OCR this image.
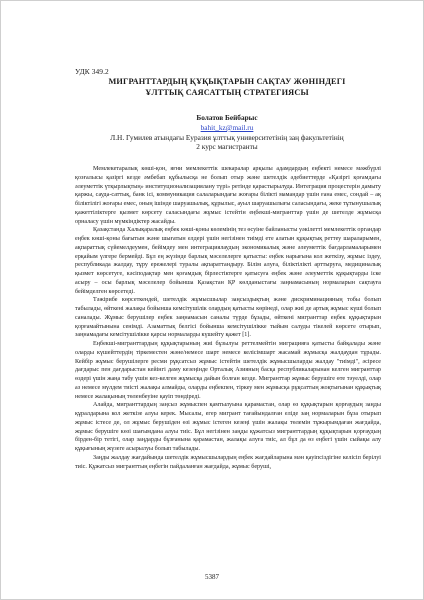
УДК 349.2
МИГРАНТТАРДЫҢ ҚҰҚЫҚТАРЫН САҚТАУ ЖӨНІНДЕГІ
ҰЛТТЫҚ САЯСАТТЫҢ СТРАТЕГИЯСЫ
Болатов Бейбарыс
bahit_kz@mail.ru
Л.Н. Гумилев атындағы Еуразия ұлттық университетінің заң факультетінің
2 курс магистранты

Мемлекетаралық көші-қон, яғни мемлекеттік шекаралар арқылы адамдардың еңбекті немесе мәжбүрлі қозғалысы қазіргі кезде әмбебап құбылысқа не болып отыр және шетелдік әдебиеттерде «Қазіргі қоғамдағы әлеуметтік үтқырлықтың» институционализациялану түрі» ретінде қарастырылуда. Интеграция процестерін дамыту қаржы, сауда-саттық, банк ісі, коммуникация салаларындағы жоғары білікті мамандар үшін ғана емес, сондай – ақ біліктілігі жоғары емес, оның ішінде шаруашылық, құрылыс, ауыл шаруашылығы саласындағы, жеке тұтынушылық қажеттіліктерге қызмет көрсету саласындағы жұмыс істейтін еңбекші-мигранттар үшін де шетелде жұмысқа орналасу үшін мүмкіндіктер жасайды.

Қазақстанда Халықаралық еңбек көші-қоны көлемінің тез өсуіне байланысты уәкілетті мемлекеттік органдар еңбек көші-қоны бағытын және шығатын елдері үшін негізінен тиімді ете алатын құқықтық реттеу шараларымен, ақпараттық сүйемелдеумен, бейімдеу мен интеграциялаудың экономикалық және әлеуметтік бағдарламаларымен ерқайым үлгере бермейді. Бұл ең жүзінде барлық мәселелерге қатысты: еңбек нарығына кол жеткізу, жұмыс іздеу, республикада жалдау, тұру ережелері туралы ақпараттандыру. Білім алуға, біліктілікті арттыруға, медициналық қызмет көрсетуге, кәсіподақтар мен қоғамдық бірлестіктерге қатысуға еңбек және әлеуметтік құқықтарды іске асыру – осы барлық мәселелер бойынша Қазақстан ҚР көлданыстағы заңнамасының нормаларын сақтауға бейімделген көрсетеді.

Тәжірибе көрсеткендей, шетелдік жұмысшылар заңсыздықтың және дискриминацияның тобы болып табылады, өйткені жалақы бойынша кемсітушілік олардың қатысты көрінеді, олар жиі де артық жұмыс күші болып саналады. Жұмыс берушілер еңбек заңнамасын саналы түрде бұзады, өйткені мигранттар еңбек құқықтарын қорғамайтынына сенімді. Азаматтық белгісі бойынша кемсітушілікке тыйым салуды тікелей көрсете отырып, заңнамадағы кемсітушілікке қарсы нормаларды күшейту қажет [1].

Еңбекші-мигранттардың құқықтарының жиі бұзылуы реттелмейтін миграцияға қатысты байқалады және оларды күшейттердің тіркеместен және/немесе шарт немесе келісімшарт жасамай жұмысқа жалдаудан тұрады. Кейбір жұмыс берушілерге ресми рұқсатсыз жұмыс істейтін шетелдік жұмысшыларды жалдау "тиімді", әсіресе дағдарыс пен дағдарыстан кейінгі даму кезеңінде Орталық Азияның басқа республикаларынан келген мигранттар өздері үшін жаңа табу үшін кез-келген жұмысқа дайын болған кезде. Мигранттар жұмыс берушіге өте тәуелді, олар аз немесе мүлдем тиісті жалақы алмайды, оларды еңбекпен, тіркеу мен жұмысқа рұқсаттың жоқтығынан құқықтық немесе жалақының төленбеуіне қауіп төндіреді.

Алайда, мигранттардың заңсыз жұмыспен қамтылуына қарамастан, олар өз құқықтарын қорғаудың заңды құралдарына кол жеткізе алуы керек. Мысалы, егер мигрант тағайындалған еліде заң нормаларын бұза отырып жұмыс істесе де, ол жұмыс берушіден өзі жұмыс істеген кезеңі үшін жалақы төлемін тұжырымдаған жағдайда, жұмыс берушіге көзі шағымдана алуы тиіс. Бұл негізінен заңды құжатсыз мигранттардың құқықтарын қорғаудың бірден-бір тетігі, олар заңдарды бұзғанына қарамастан, жалақы алуға тиіс, ал бұл да өз еңбегі үшін сыйақы алу құқығының жүзеге асырылуы болып табылады.

Заңды жалдау жағдайында шетелдік жұмысшылардың еңбек жағдайларына мән қауіпсіздігіне келісіп берілуі тиіс. Құжатсыз мигранттың еңбегін пайдаланған жағдайда, жұмыс беруші,

5387
